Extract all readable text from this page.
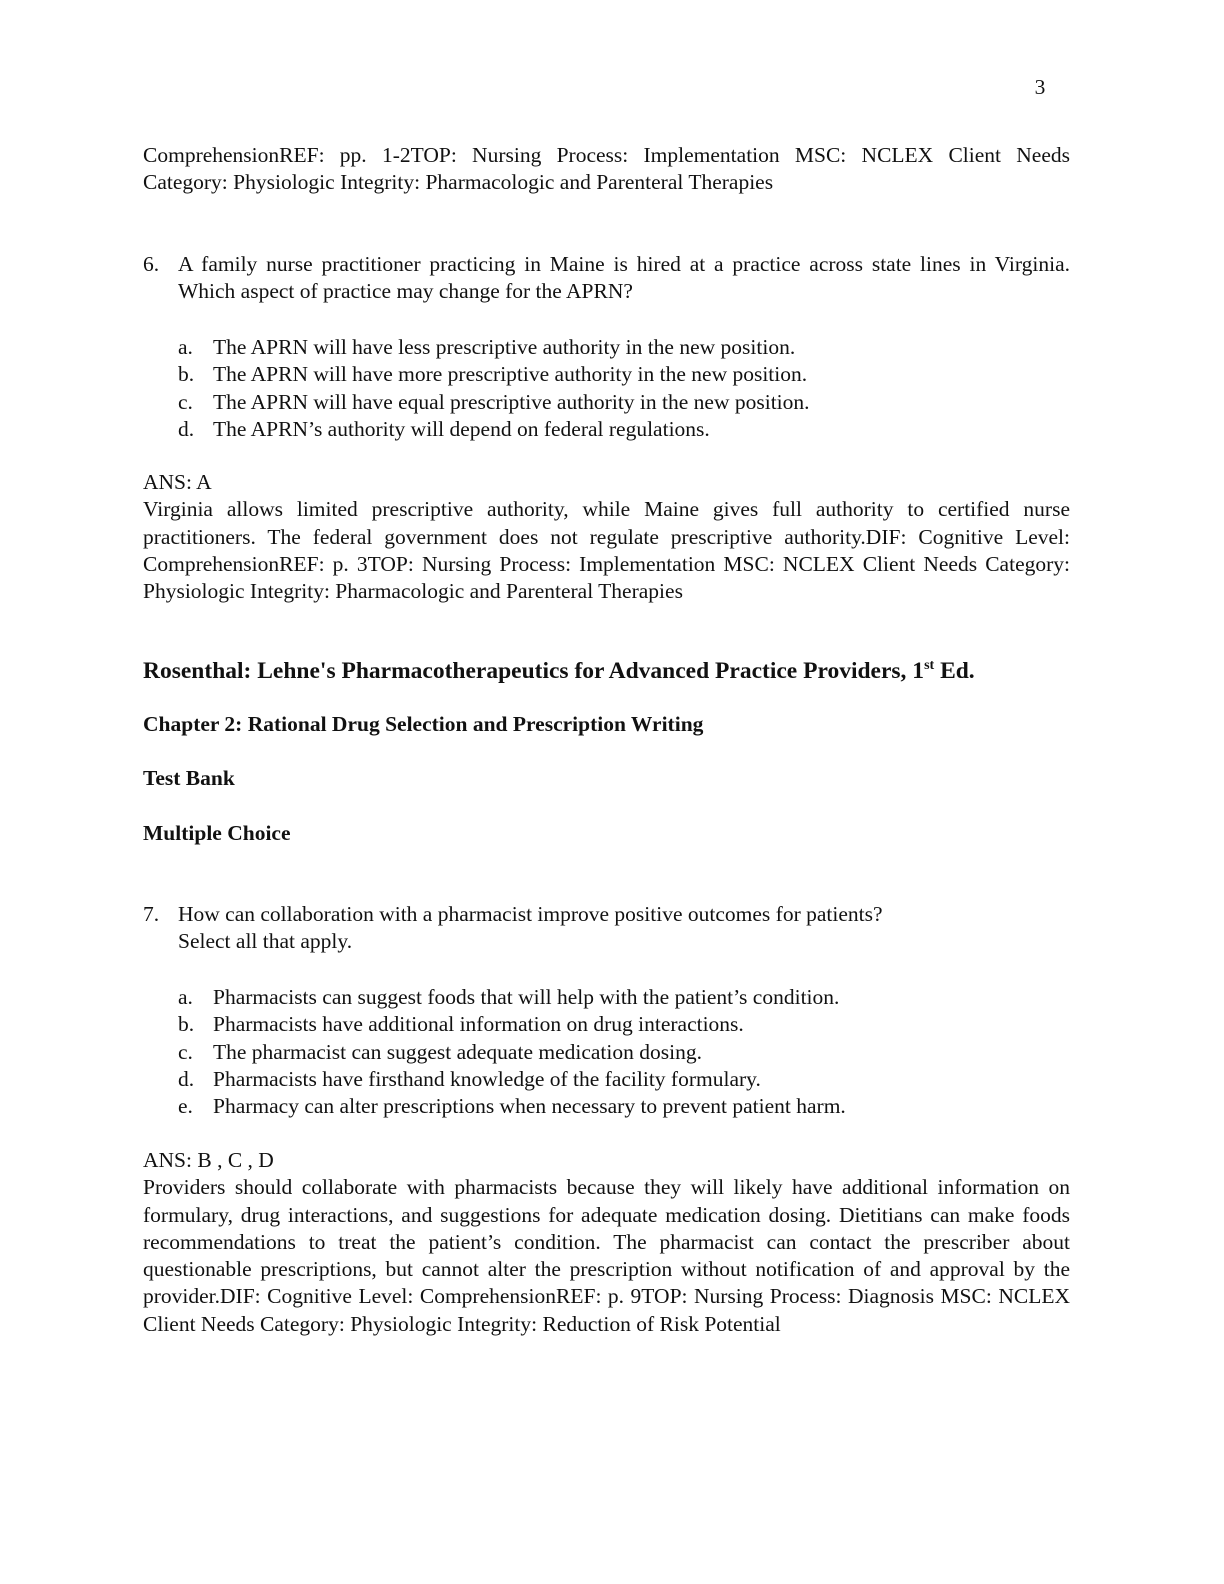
3

ComprehensionREF: pp. 1-2TOP: Nursing Process: Implementation MSC: NCLEX Client Needs Category: Physiologic Integrity: Pharmacologic and Parenteral Therapies

6. A family nurse practitioner practicing in Maine is hired at a practice across state lines in Virginia. Which aspect of practice may change for the APRN?

a. The APRN will have less prescriptive authority in the new position.
b. The APRN will have more prescriptive authority in the new position.
c. The APRN will have equal prescriptive authority in the new position.
d. The APRN’s authority will depend on federal regulations.

ANS: A

Virginia allows limited prescriptive authority, while Maine gives full authority to certified nurse practitioners. The federal government does not regulate prescriptive authority.DIF: Cognitive Level: ComprehensionREF: p. 3TOP: Nursing Process: Implementation MSC: NCLEX Client Needs Category: Physiologic Integrity: Pharmacologic and Parenteral Therapies

Rosenthal: Lehne's Pharmacotherapeutics for Advanced Practice Providers, 1st Ed.
Chapter 2: Rational Drug Selection and Prescription Writing
Test Bank
Multiple Choice
7. How can collaboration with a pharmacist improve positive outcomes for patients?
Select all that apply.
a. Pharmacists can suggest foods that will help with the patient’s condition.
b. Pharmacists have additional information on drug interactions.
c. The pharmacist can suggest adequate medication dosing.
d. Pharmacists have firsthand knowledge of the facility formulary.
e. Pharmacy can alter prescriptions when necessary to prevent patient harm.

ANS: B , C , D

Providers should collaborate with pharmacists because they will likely have additional information on formulary, drug interactions, and suggestions for adequate medication dosing. Dietitians can make foods recommendations to treat the patient’s condition. The pharmacist can contact the prescriber about questionable prescriptions, but cannot alter the prescription without notification of and approval by the provider.DIF: Cognitive Level: ComprehensionREF: p. 9TOP: Nursing Process: Diagnosis MSC: NCLEX Client Needs Category: Physiologic Integrity: Reduction of Risk Potential
